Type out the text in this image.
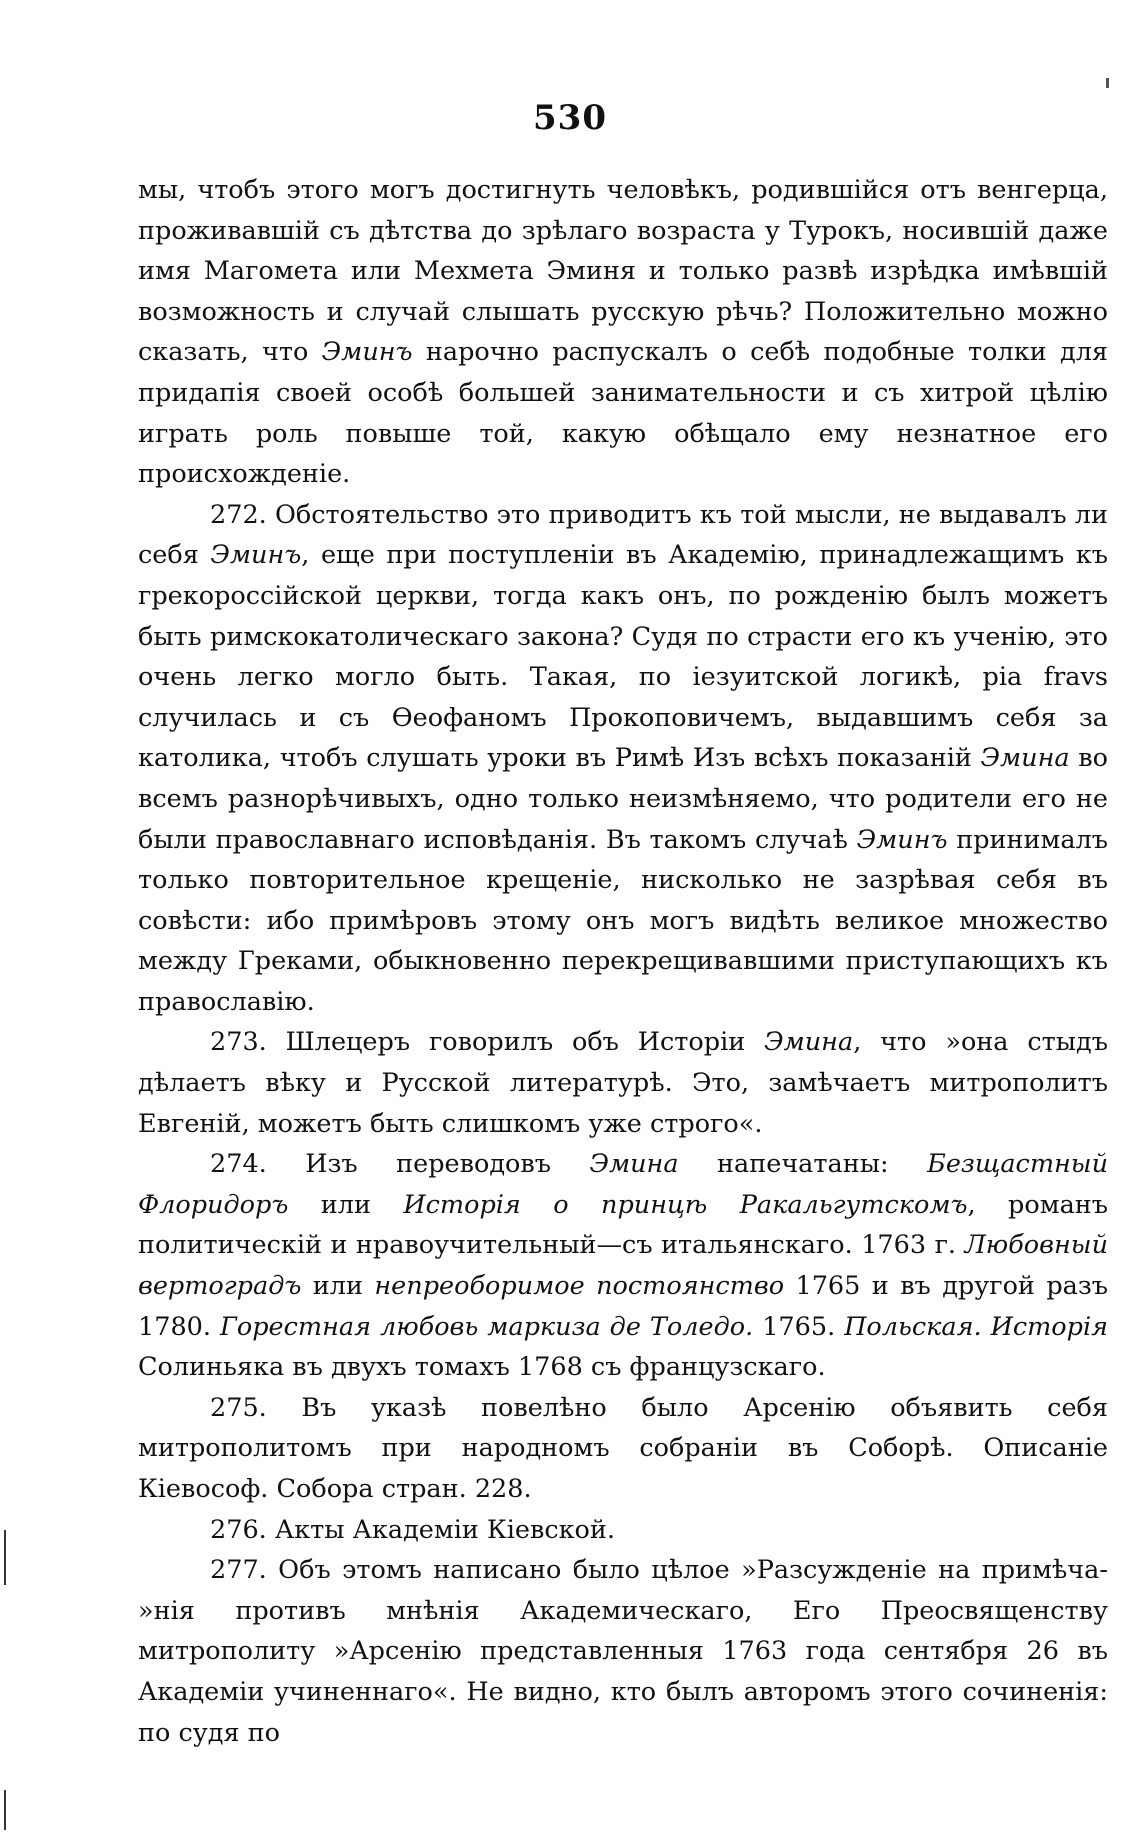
530

мы, чтобъ этого могъ достигнуть человѣкъ, родившійся отъ венгерца, проживавшій съ дѣтства до зрѣлаго возраста у Турокъ, носившій даже имя Магомета или Мехмета Эминя и только развѣ изрѣдка имѣвшій возможность и случай слышать русскую рѣчь? Положительно можно сказать, что Эминъ нарочно распускалъ о себѣ подобные толки для придапія своей особѣ большей занимательности и съ хитрой цѣлію играть роль повыше той, какую обѣщало ему незнатное его происхожденіе.

272. Обстоятельство это приводитъ къ той мысли, не выдавалъ ли себя Эминъ, еще при поступленіи въ Академію, принадлежащимъ къ грекороссійской церкви, тогда какъ онъ, по рожденію былъ можетъ быть римскокатолическаго закона? Судя по страсти его къ ученію, это очень легко могло быть. Такая, по іезуитской логикѣ, pia fravs случилась и съ Ѳеофаномъ Прокоповичемъ, выдавшимъ себя за католика, чтобъ слушать уроки въ Римѣ Изъ всѣхъ показаній Эмина во всемъ разнорѣчивыхъ, одно только неизмѣняемо, что родители его не были православнаго исповѣданія. Въ такомъ случаѣ Эминъ принималъ только повторительное крещеніе, нисколько не зазрѣвая себя въ совѣсти: ибо примѣровъ этому онъ могъ видѣть великое множество между Греками, обыкновенно перекрещивавшими приступающихъ къ православію.

273. Шлецеръ говорилъ объ Исторіи Эмина, что »она стыдъ дѣлаетъ вѣку и Русской литературѣ. Это, замѣчаетъ митрополитъ Евгеній, можетъ быть слишкомъ уже строго«.

274. Изъ переводовъ Эмина напечатаны: Безщастный Флоридоръ или Исторія о принцѣ Ракальгутскомъ, романъ политическій и нравоучительный—съ итальянскаго. 1763 г. Любовный вертоградъ или непреоборимое постоянство 1765 и въ другой разъ 1780. Горестная любовь маркиза де Толедо. 1765. Польская. Исторія Солиньяка въ двухъ томахъ 1768 съ французскаго.

275. Въ указѣ повелѣно было Арсенію объявить себя митрополитомъ при народномъ собраніи въ Соборѣ. Описаніе Кіевософ. Собора стран. 228.

276. Акты Академіи Кіевской.

277. Объ этомъ написано было цѣлое »Разсужденіе на примѣча- »нія противъ мнѣнія Академическаго, Его Преосвященству митрополиту »Арсенію представленныя 1763 года сентября 26 въ Академіи учиненнаго«. Не видно, кто былъ авторомъ этого сочиненія: по судя по
